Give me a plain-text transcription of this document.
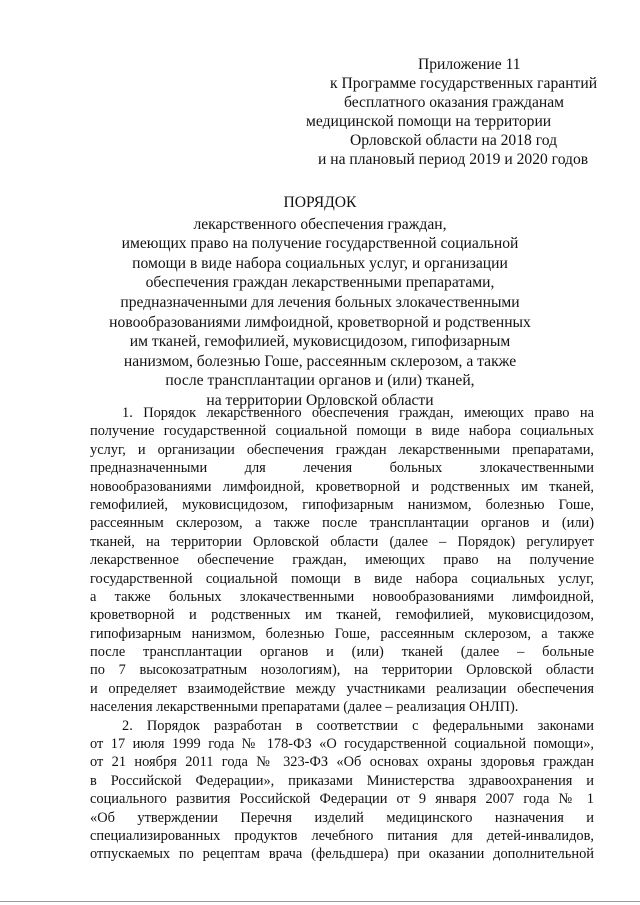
Приложение 11
к Программе государственных гарантий
бесплатного оказания гражданам
медицинской помощи на территории
Орловской области на 2018 год
и на плановый период 2019 и 2020 годов
ПОРЯДОК
лекарственного обеспечения граждан,
имеющих право на получение государственной социальной
помощи в виде набора социальных услуг, и организации
обеспечения граждан лекарственными препаратами,
предназначенными для лечения больных злокачественными
новообразованиями лимфоидной, кроветворной и родственных
им тканей, гемофилией, муковисцидозом, гипофизарным
нанизмом, болезнью Гоше, рассеянным склерозом, а также
после трансплантации органов и (или) тканей,
на территории Орловской области
1. Порядок лекарственного обеспечения граждан, имеющих право на
получение государственной социальной помощи в виде набора социальных
услуг, и организации обеспечения граждан лекарственными препаратами,
предназначенными для лечения больных злокачественными
новообразованиями лимфоидной, кроветворной и родственных им тканей,
гемофилией, муковисцидозом, гипофизарным нанизмом, болезнью Гоше,
рассеянным склерозом, а также после трансплантации органов и (или)
тканей, на территории Орловской области (далее – Порядок) регулирует
лекарственное обеспечение граждан, имеющих право на получение
государственной социальной помощи в виде набора социальных услуг,
а также больных злокачественными новообразованиями лимфоидной,
кроветворной и родственных им тканей, гемофилией, муковисцидозом,
гипофизарным нанизмом, болезнью Гоше, рассеянным склерозом, а также
после трансплантации органов и (или) тканей (далее – больные
по 7 высокозатратным нозологиям), на территории Орловской области
и определяет взаимодействие между участниками реализации обеспечения
населения лекарственными препаратами (далее – реализация ОНЛП).
2. Порядок разработан в соответствии с федеральными законами
от 17 июля 1999 года № 178-ФЗ «О государственной социальной помощи»,
от 21 ноября 2011 года № 323-ФЗ «Об основах охраны здоровья граждан
в Российской Федерации», приказами Министерства здравоохранения и
социального развития Российской Федерации от 9 января 2007 года № 1
«Об утверждении Перечня изделий медицинского назначения и
специализированных продуктов лечебного питания для детей-инвалидов,
отпускаемых по рецептам врача (фельдшера) при оказании дополнительной
